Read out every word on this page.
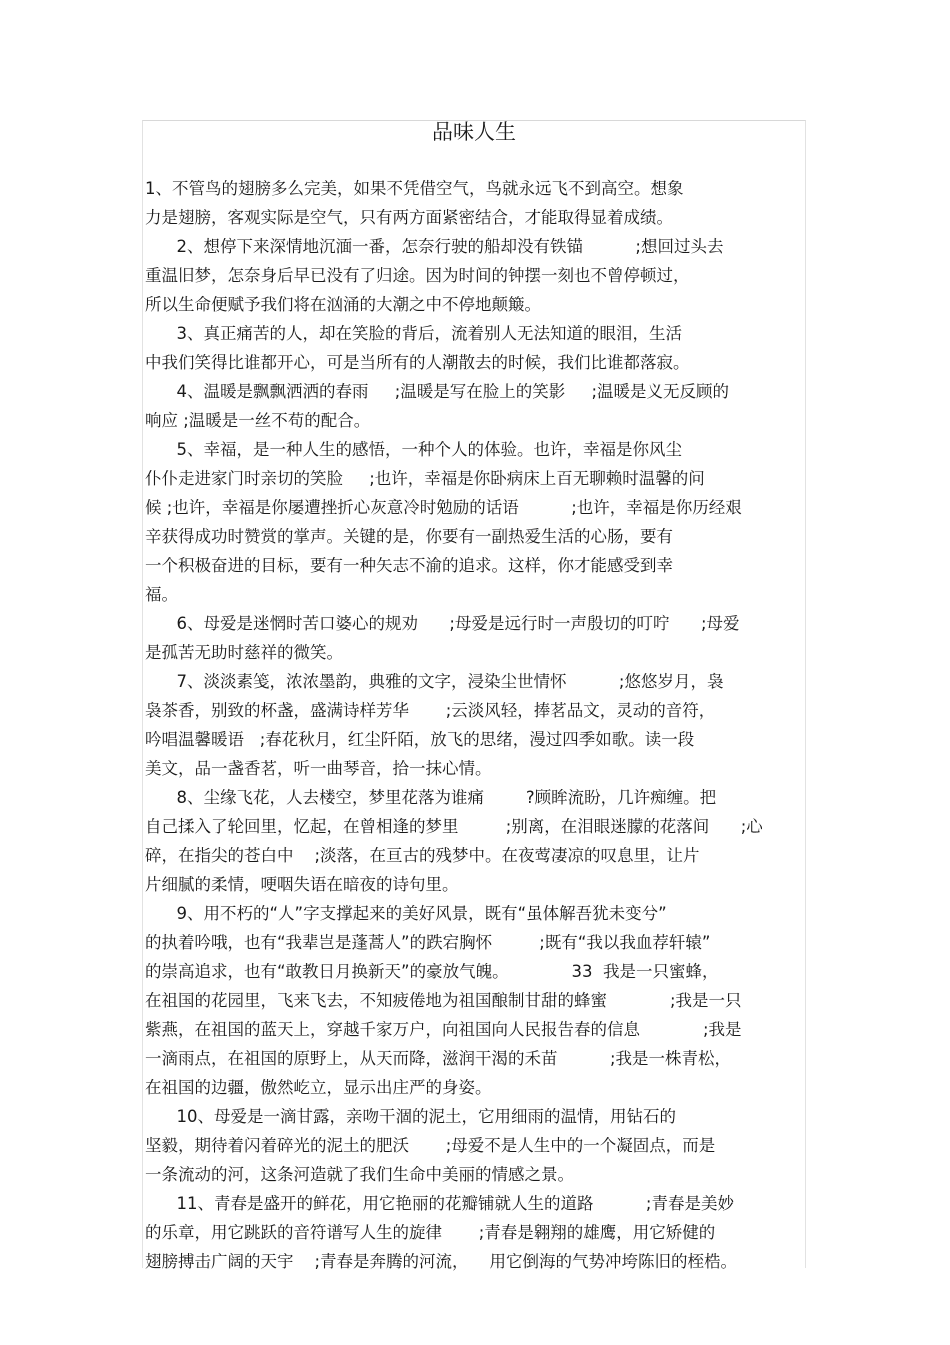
品味人生
1、不管鸟的翅膀多么完美，如果不凭借空气，鸟就永远飞不到高空。想象
力是翅膀，客观实际是空气，只有两方面紧密结合，才能取得显着成绩。
2、想停下来深情地沉湎一番，怎奈行驶的船却没有铁锚          ;想回过头去
重温旧梦，怎奈身后早已没有了归途。因为时间的钟摆一刻也不曾停顿过，
所以生命便赋予我们将在汹涌的大潮之中不停地颠簸。
3、真正痛苦的人，却在笑脸的背后，流着别人无法知道的眼泪，生活
中我们笑得比谁都开心，可是当所有的人潮散去的时候，我们比谁都落寂。
4、温暖是飘飘洒洒的春雨     ;温暖是写在脸上的笑影     ;温暖是义无反顾的
响应 ;温暖是一丝不苟的配合。
5、幸福，是一种人生的感悟，一种个人的体验。也许，幸福是你风尘
仆仆走进家门时亲切的笑脸     ;也许，幸福是你卧病床上百无聊赖时温馨的问
候 ;也许，幸福是你屡遭挫折心灰意冷时勉励的话语          ;也许，幸福是你历经艰
辛获得成功时赞赏的掌声。关键的是，你要有一副热爱生活的心肠，要有
一个积极奋进的目标，要有一种矢志不渝的追求。这样，你才能感受到幸
福。
6、母爱是迷惘时苦口婆心的规劝      ;母爱是远行时一声殷切的叮咛      ;母爱
是孤苦无助时慈祥的微笑。
7、淡淡素笺，浓浓墨韵，典雅的文字，浸染尘世情怀          ;悠悠岁月，袅
袅茶香，别致的杯盏，盛满诗样芳华       ;云淡风轻，捧茗品文，灵动的音符，
吟唱温馨暖语   ;春花秋月，红尘阡陌，放飞的思绪，漫过四季如歌。读一段
美文，品一盏香茗，听一曲琴音，拾一抹心情。
8、尘缘飞花，人去楼空，梦里花落为谁痛        ?顾眸流盼，几许痴缠。把
自己揉入了轮回里，忆起，在曾相逢的梦里         ;别离，在泪眼迷朦的花落间      ;心
碎，在指尖的苍白中    ;淡落，在亘古的残梦中。在夜莺凄凉的叹息里，让片
片细腻的柔情，哽咽失语在暗夜的诗句里。
9、用不朽的“人”字支撑起来的美好风景，既有“虽体解吾犹未变兮”
的执着吟哦，也有“我辈岂是蓬蒿人”的跌宕胸怀         ;既有“我以我血荐轩辕”
的崇高追求，也有“敢教日月换新天”的豪放气魄。            33  我是一只蜜蜂，
在祖国的花园里，飞来飞去，不知疲倦地为祖国酿制甘甜的蜂蜜            ;我是一只
紫燕，在祖国的蓝天上，穿越千家万户，向祖国向人民报告春的信息            ;我是
一滴雨点，在祖国的原野上，从天而降，滋润干渴的禾苗          ;我是一株青松，
在祖国的边疆，傲然屹立，显示出庄严的身姿。
10、母爱是一滴甘露，亲吻干涸的泥土，它用细雨的温情，用钻石的
坚毅，期待着闪着碎光的泥土的肥沃       ;母爱不是人生中的一个凝固点，而是
一条流动的河，这条河造就了我们生命中美丽的情感之景。
11、青春是盛开的鲜花，用它艳丽的花瓣铺就人生的道路          ;青春是美妙
的乐章，用它跳跃的音符谱写人生的旋律       ;青春是翱翔的雄鹰，用它矫健的
翅膀搏击广阔的天宇    ;青春是奔腾的河流，    用它倒海的气势冲垮陈旧的桎梏。
